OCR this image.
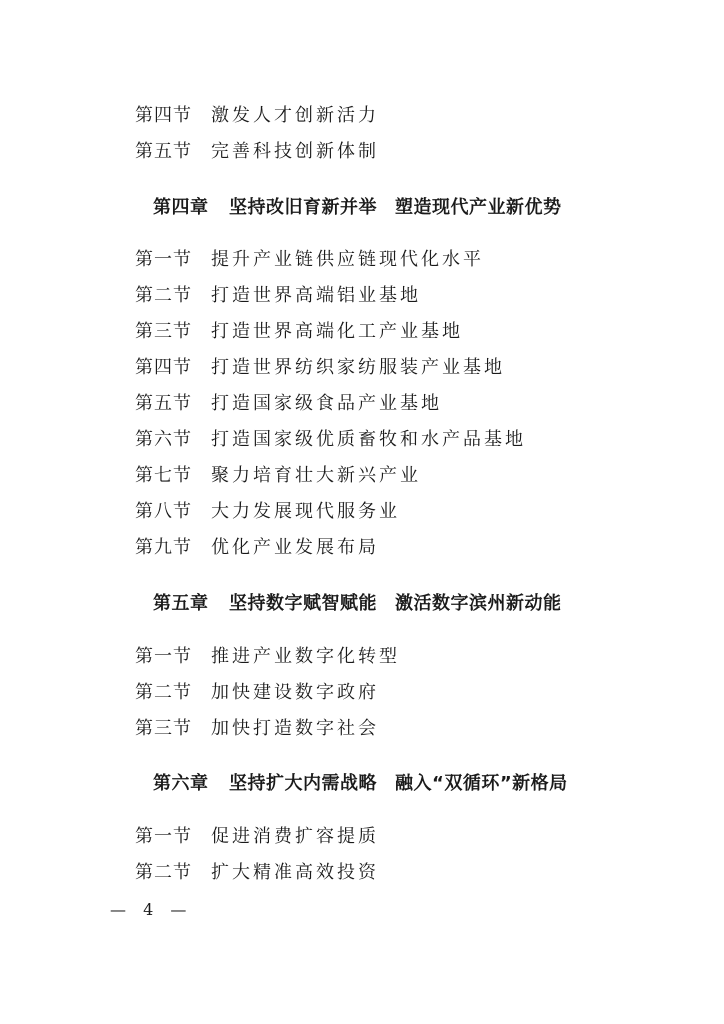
第四节 激发人才创新活力
第五节 完善科技创新体制
第四章 坚持改旧育新并举 塑造现代产业新优势
第一节 提升产业链供应链现代化水平
第二节 打造世界高端铝业基地
第三节 打造世界高端化工产业基地
第四节 打造世界纺织家纺服装产业基地
第五节 打造国家级食品产业基地
第六节 打造国家级优质畜牧和水产品基地
第七节 聚力培育壮大新兴产业
第八节 大力发展现代服务业
第九节 优化产业发展布局
第五章 坚持数字赋智赋能 激活数字滨州新动能
第一节 推进产业数字化转型
第二节 加快建设数字政府
第三节 加快打造数字社会
第六章 坚持扩大内需战略 融入“双循环”新格局
第一节 促进消费扩容提质
第二节 扩大精准高效投资
— 4 —
